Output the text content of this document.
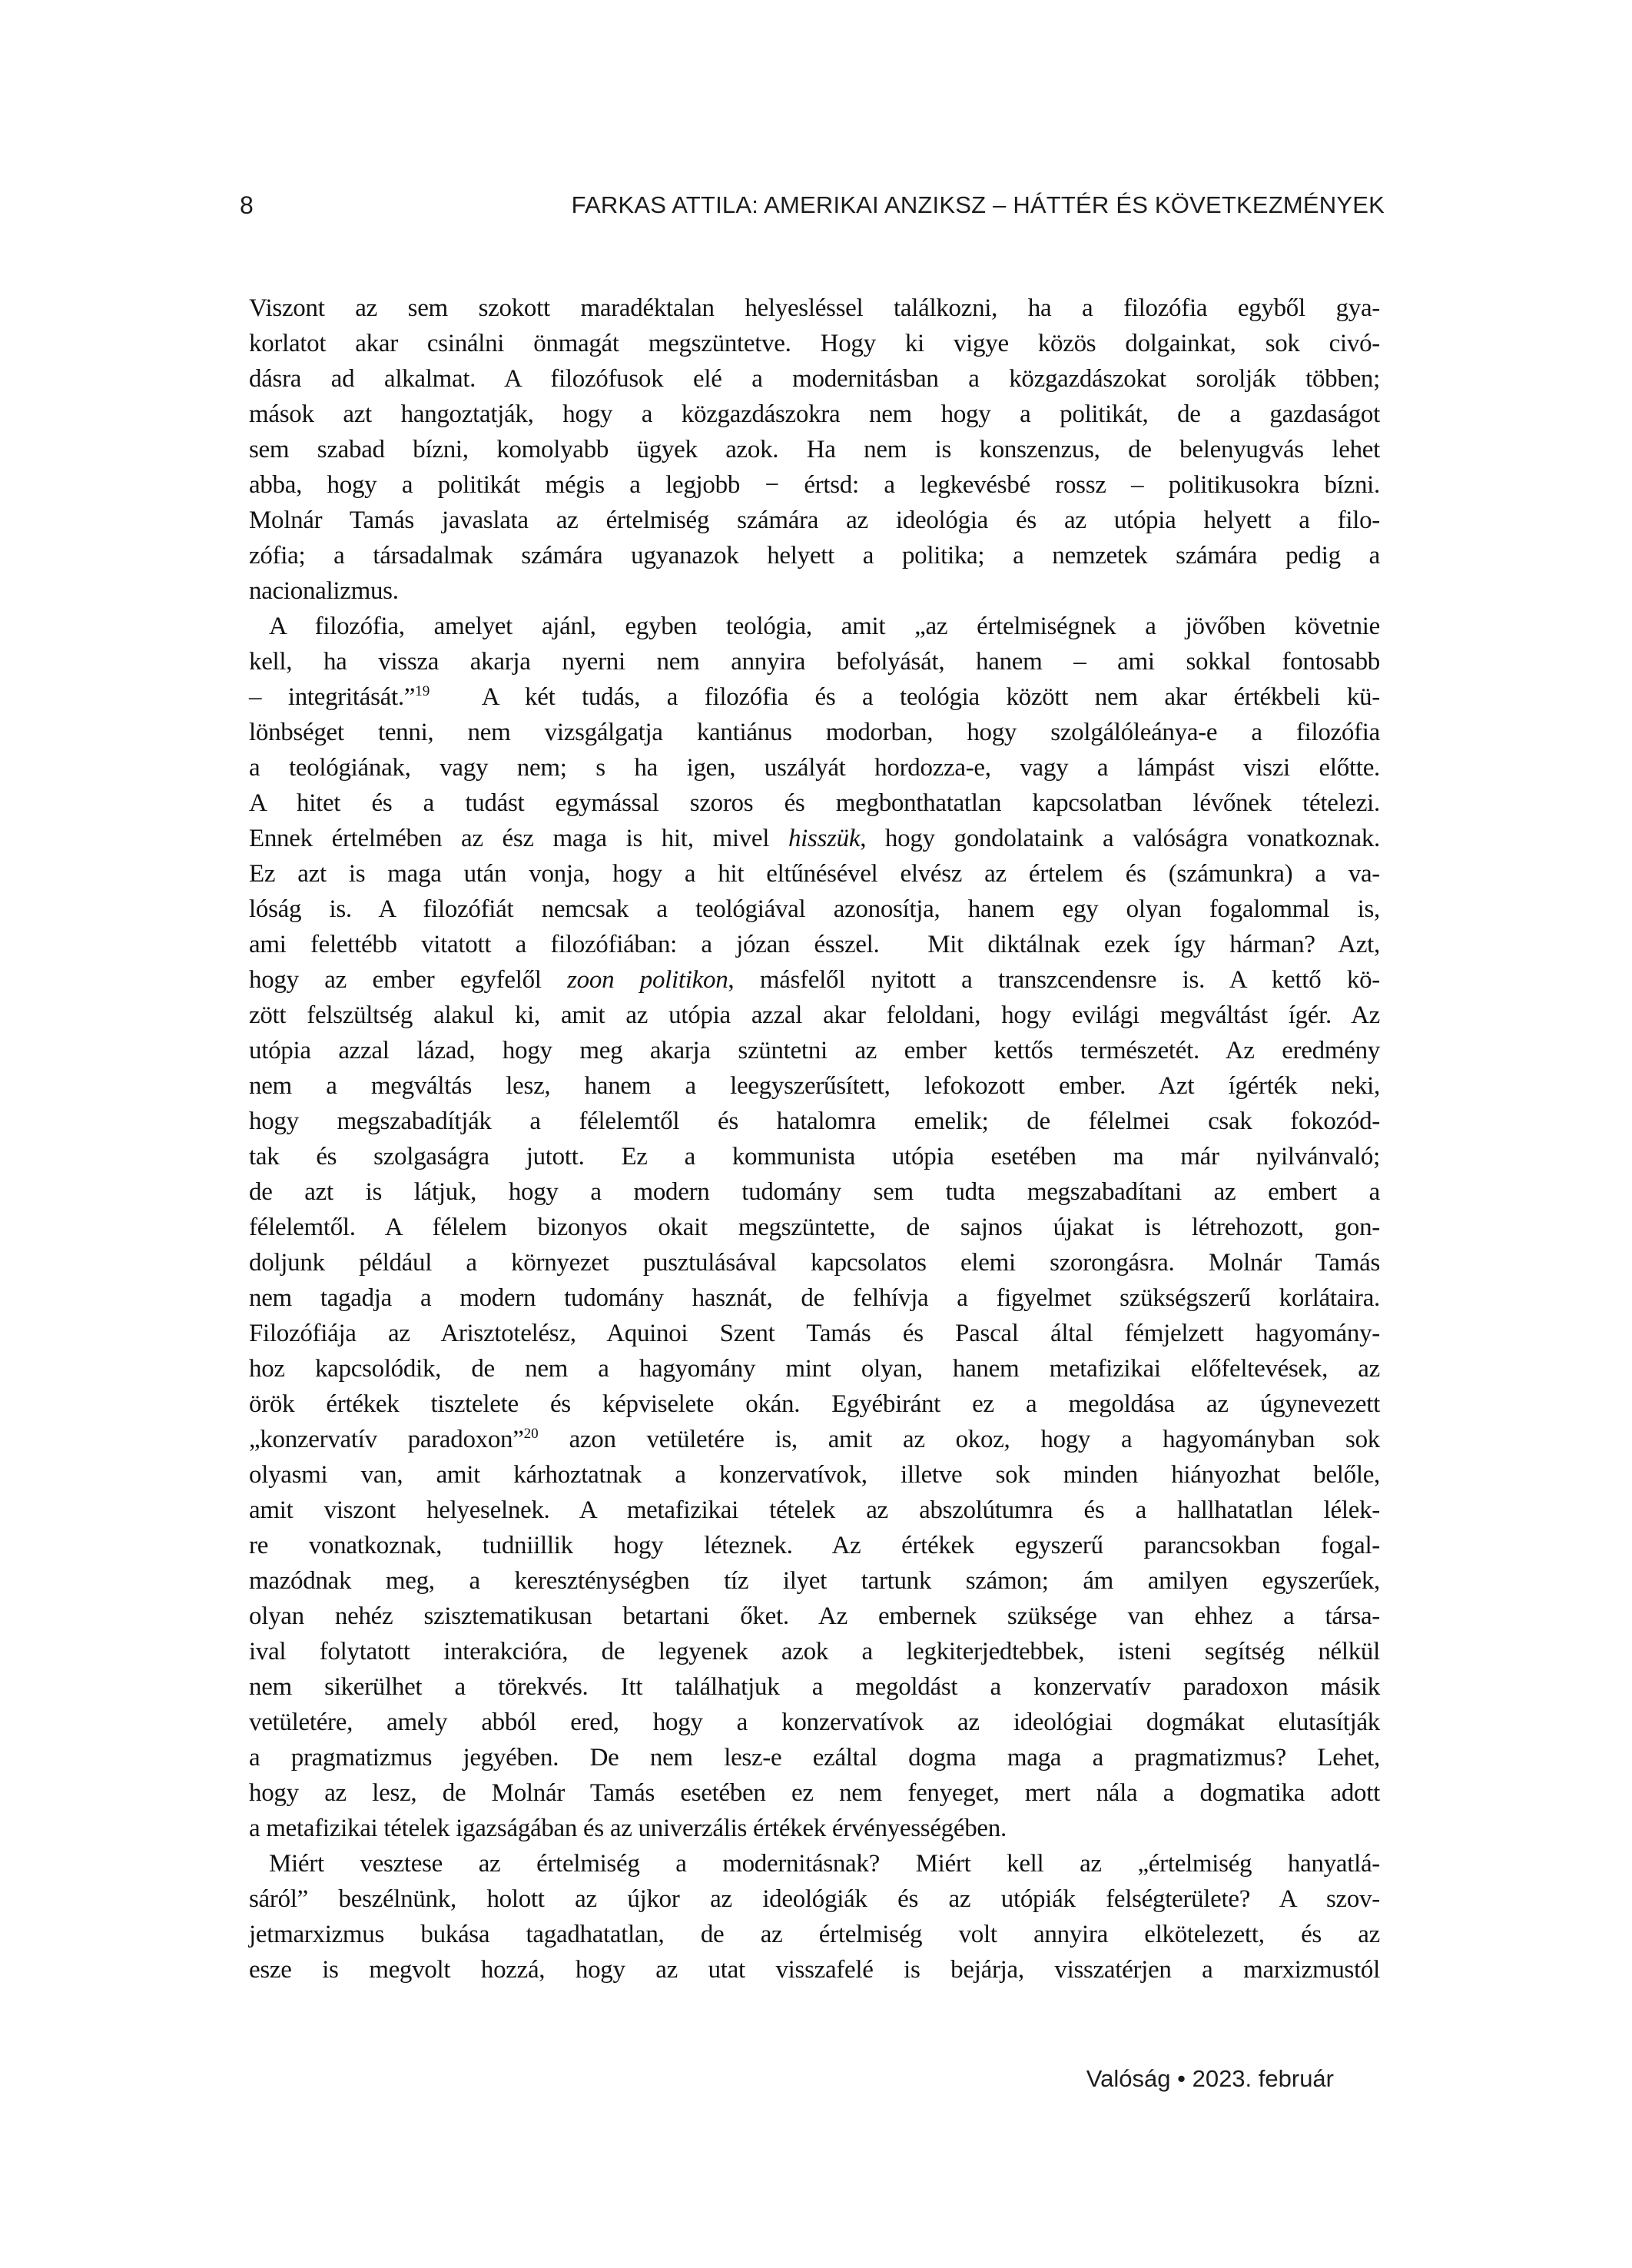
8	FARKAS ATTILA: AMERIKAI ANZIKSZ – HÁTTÉR ÉS KÖVETKEZMÉNYEK
Viszont az sem szokott maradéktalan helyesléssel találkozni, ha a filozófia egyből gya-
korlatot akar csinálni önmagát megszüntetve. Hogy ki vigye közös dolgainkat, sok civó-
dásra ad alkalmat. A filozófusok elé a modernitásban a közgazdászokat sorolják többen;
mások azt hangoztatják, hogy a közgazdászokra nem hogy a politikát, de a gazdaságot
sem szabad bízni, komolyabb ügyek azok. Ha nem is konszenzus, de belenyugvás lehet
abba, hogy a politikát mégis a legjobb − értsd: a legkevésbé rossz – politikusokra bízni.
Molnár Tamás javaslata az értelmiség számára az ideológia és az utópia helyett a filo-
zófia; a társadalmak számára ugyanazok helyett a politika; a nemzetek számára pedig a
nacionalizmus.
A filozófia, amelyet ajánl, egyben teológia, amit „az értelmiségnek a jövőben követnie
kell, ha vissza akarja nyerni nem annyira befolyását, hanem – ami sokkal fontosabb
– integritását.”$^{19}$  A két tudás, a filozófia és a teológia között nem akar értékbeli kü-
lönbséget tenni, nem vizsgálgatja kantiánus modorban, hogy szolgálóleánya-e a filozófia
a teológiának, vagy nem; s ha igen, uszályát hordozza-e, vagy a lámpást viszi előtte.
A hitet és a tudást egymással szoros és megbonthatatlan kapcsolatban lévőnek tételezi.
Ennek értelmében az ész maga is hit, mivel hisszük, hogy gondolataink a valóságra vonatkoznak.
Ez azt is maga után vonja, hogy a hit eltűnésével elvész az értelem és (számunkra) a va-
lóság is. A filozófiát nemcsak a teológiával azonosítja, hanem egy olyan fogalommal is,
ami felettébb vitatott a filozófiában: a józan ésszel.  Mit diktálnak ezek így hárman? Azt,
hogy az ember egyfelől zoon politikon, másfelől nyitott a transzcendensre is. A kettő kö-
zött felszültség alakul ki, amit az utópia azzal akar feloldani, hogy evilági megváltást ígér. Az
utópia azzal lázad, hogy meg akarja szüntetni az ember kettős természetét. Az eredmény
nem a megváltás lesz, hanem a leegyszerűsített, lefokozott ember. Azt ígérték neki,
hogy megszabadítják a félelemtől és hatalomra emelik; de félelmei csak fokozód-
tak és szolgaságra jutott. Ez a kommunista utópia esetében ma már nyilvánvaló;
de azt is látjuk, hogy a modern tudomány sem tudta megszabadítani az embert a
félelemtől. A félelem bizonyos okait megszüntette, de sajnos újakat is létrehozott, gon-
doljunk például a környezet pusztulásával kapcsolatos elemi szorongásra. Molnár Tamás
nem tagadja a modern tudomány hasznát, de felhívja a figyelmet szükségszerű korlátaira.
Filozófiája az Arisztotelész, Aquinoi Szent Tamás és Pascal által fémjelzett hagyomány-
hoz kapcsolódik, de nem a hagyomány mint olyan, hanem metafizikai előfeltevések, az
örök értékek tisztelete és képviselete okán. Egyébiránt ez a megoldása az úgynevezett
„konzervatív paradoxon”$^{20}$ azon vetületére is, amit az okoz, hogy a hagyományban sok
olyasmi van, amit kárhoztatnak a konzervatívok, illetve sok minden hiányozhat belőle,
amit viszont helyeselnek. A metafizikai tételek az abszolútumra és a hallhatatlan lélek-
re vonatkoznak, tudniillik hogy léteznek. Az értékek egyszerű parancsokban fogal-
mazódnak meg, a kereszténységben tíz ilyet tartunk számon; ám amilyen egyszerűek,
olyan nehéz szisztematikusan betartani őket. Az embernek szüksége van ehhez a társa-
ival folytatott interakcióra, de legyenek azok a legkiterjedtebbek, isteni segítség nélkül
nem sikerülhet a törekvés. Itt találhatjuk a megoldást a konzervatív paradoxon másik
vetületére, amely abból ered, hogy a konzervatívok az ideológiai dogmákat elutasítják
a pragmatizmus jegyében. De nem lesz-e ezáltal dogma maga a pragmatizmus? Lehet,
hogy az lesz, de Molnár Tamás esetében ez nem fenyeget, mert nála a dogmatika adott
a metafizikai tételek igazságában és az univerzális értékek érvényességében.
Miért vesztese az értelmiség a modernitásnak? Miért kell az „értelmiség hanyatlá-
sáról” beszélnünk, holott az újkor az ideológiák és az utópiák felségterülete? A szov-
jetmarxizmus bukása tagadhatatlan, de az értelmiség volt annyira elkötelezett, és az
esze is megvolt hozzá, hogy az utat visszafelé is bejárja, visszatérjen a marxizmustól
Valóság • 2023. február
